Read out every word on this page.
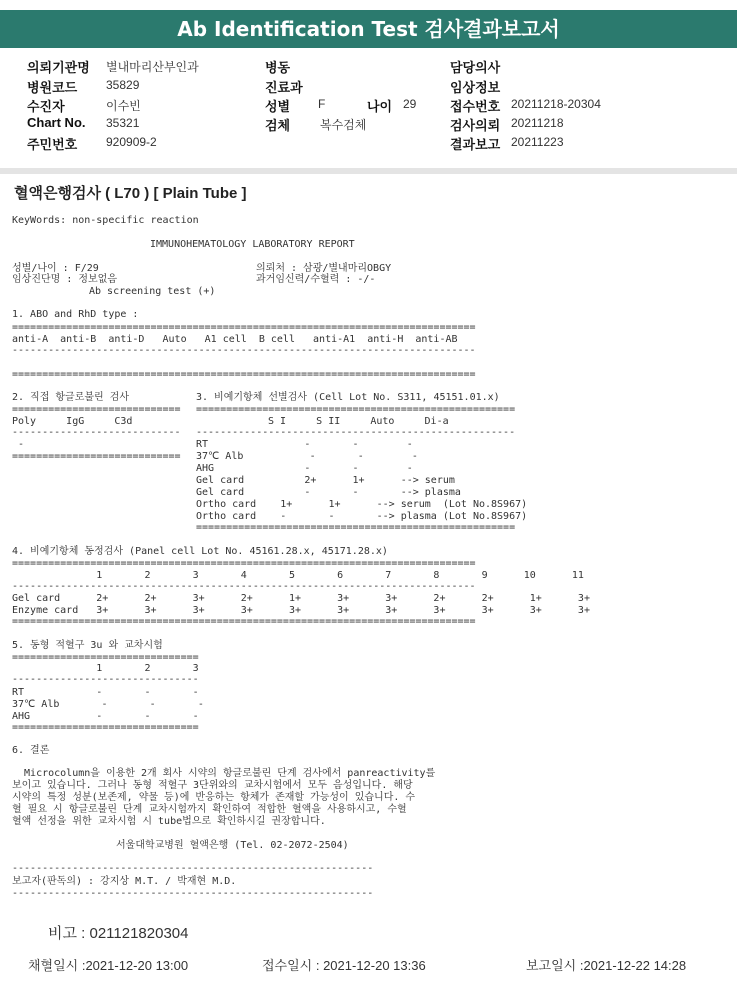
Ab Identification Test 검사결과보고서
의뢰기관명 별내마리산부인과
병원코드 35829
수진자	이수빈
Chart No. 35321
주민번호 920909-2
병동
진료과
성별 F	나이 29
검체 복수검체
담당의사
임상정보
접수번호 20211218-20304
검사의뢰 20211218
결과보고 20211223
혈액은행검사 ( L70 ) [ Plain Tube ]
KeyWords: non-specific reaction
IMMUNOHEMATOLOGY LABORATORY REPORT
성별/나이 : F/29	의뢰처 : 삼광/별내마리OBGY
임상진단명 : 정보없음	과거임신력/수혈력 : -/-
Ab screening test (+)
1. ABO and RhD type :
=============================================================================
anti-A  anti-B  anti-D   Auto   A1 cell  B cell   anti-A1  anti-H  anti-AB
-----------------------------------------------------------------------------
=============================================================================
2. 직접 항글로불린 검사
============================
Poly     IgG     C3d
----------------------------
-
============================
3. 비예기항체 선별검사 (Cell Lot No. S311, 45151.01.x)
=====================================================
S I     S II     Auto     Di-a
-----------------------------------------------------
RT                -       -        -
37℃ Alb           -       -        -
AHG               -       -        -
Gel card          2+      1+      --> serum
Gel card          -       -       --> plasma
Ortho card    1+      1+      --> serum  (Lot No.8S967)
Ortho card    -       -       --> plasma (Lot No.8S967)
=====================================================
4. 비예기항체 동정검사 (Panel cell Lot No. 45161.28.x, 45171.28.x)
=============================================================================
1       2       3       4       5       6       7       8       9      10      11
-----------------------------------------------------------------------------
Gel card      2+      2+      3+      2+      1+      3+      3+      2+      2+      1+      3+
Enzyme card   3+      3+      3+      3+      3+      3+      3+      3+      3+      3+      3+
=============================================================================
5. 동형 적혈구 3u 와 교차시험
===============================
1       2       3
-------------------------------
RT            -       -       -
37℃ Alb       -       -       -
AHG           -       -       -
===============================
6. 결론
Microcolumn을 이용한 2개 회사 시약의 항글로불린 단계 검사에서 panreactivity를
보이고 있습니다. 그러나 동형 적혈구 3단위와의 교차시험에서 모두 음성입니다. 해당
시약의 특정 성분(보존제, 약물 등)에 반응하는 항체가 존재할 가능성이 있습니다. 수
혈 필요 시 항글로불린 단계 교차시험까지 확인하여 적합한 혈액을 사용하시고, 수혈
혈액 선정을 위한 교차시험 시 tube법으로 확인하시길 권장합니다.
서울대학교병원 혈액은행 (Tel. 02-2072-2504)
------------------------------------------------------------
보고자(판독의) : 강지상 M.T. / 박재현 M.D.
------------------------------------------------------------
비고 : 021121820304
채혈일시 :2021-12-20 13:00	접수일시 : 2021-12-20 13:36	보고일시 :2021-12-22 14:28
